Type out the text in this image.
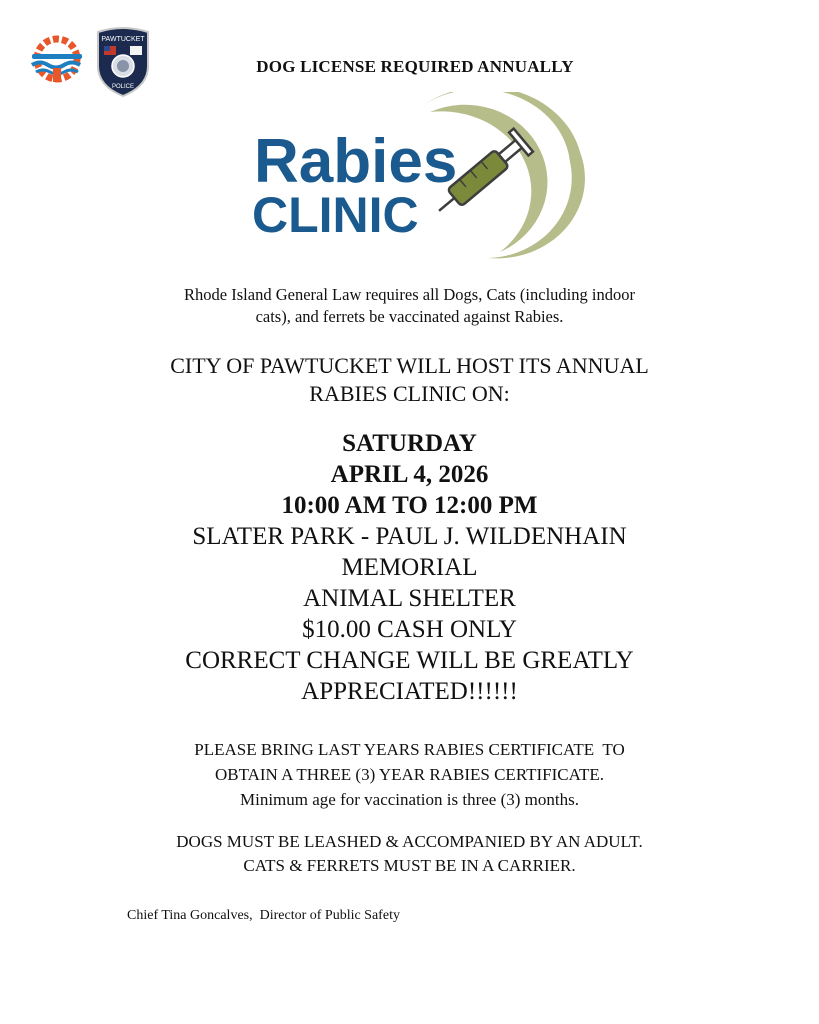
PAWTUCKET
POLICE
DOG LICENSE REQUIRED ANNUALLY
Rabies
CLINIC
Rhode Island General Law requires all Dogs, Cats (including indoor
cats), and ferrets be vaccinated against Rabies.
CITY OF PAWTUCKET WILL HOST ITS ANNUAL
RABIES CLINIC ON:
SATURDAY
APRIL 4, 2026
10:00 AM TO 12:00 PM
SLATER PARK - PAUL J. WILDENHAIN
MEMORIAL
ANIMAL SHELTER
$10.00 CASH ONLY
CORRECT CHANGE WILL BE GREATLY
APPRECIATED!!!!!!
PLEASE BRING LAST YEARS RABIES CERTIFICATE  TO
OBTAIN A THREE (3) YEAR RABIES CERTIFICATE.
Minimum age for vaccination is three (3) months.
DOGS MUST BE LEASHED & ACCOMPANIED BY AN ADULT.
CATS & FERRETS MUST BE IN A CARRIER.
Chief Tina Goncalves,  Director of Public Safety
